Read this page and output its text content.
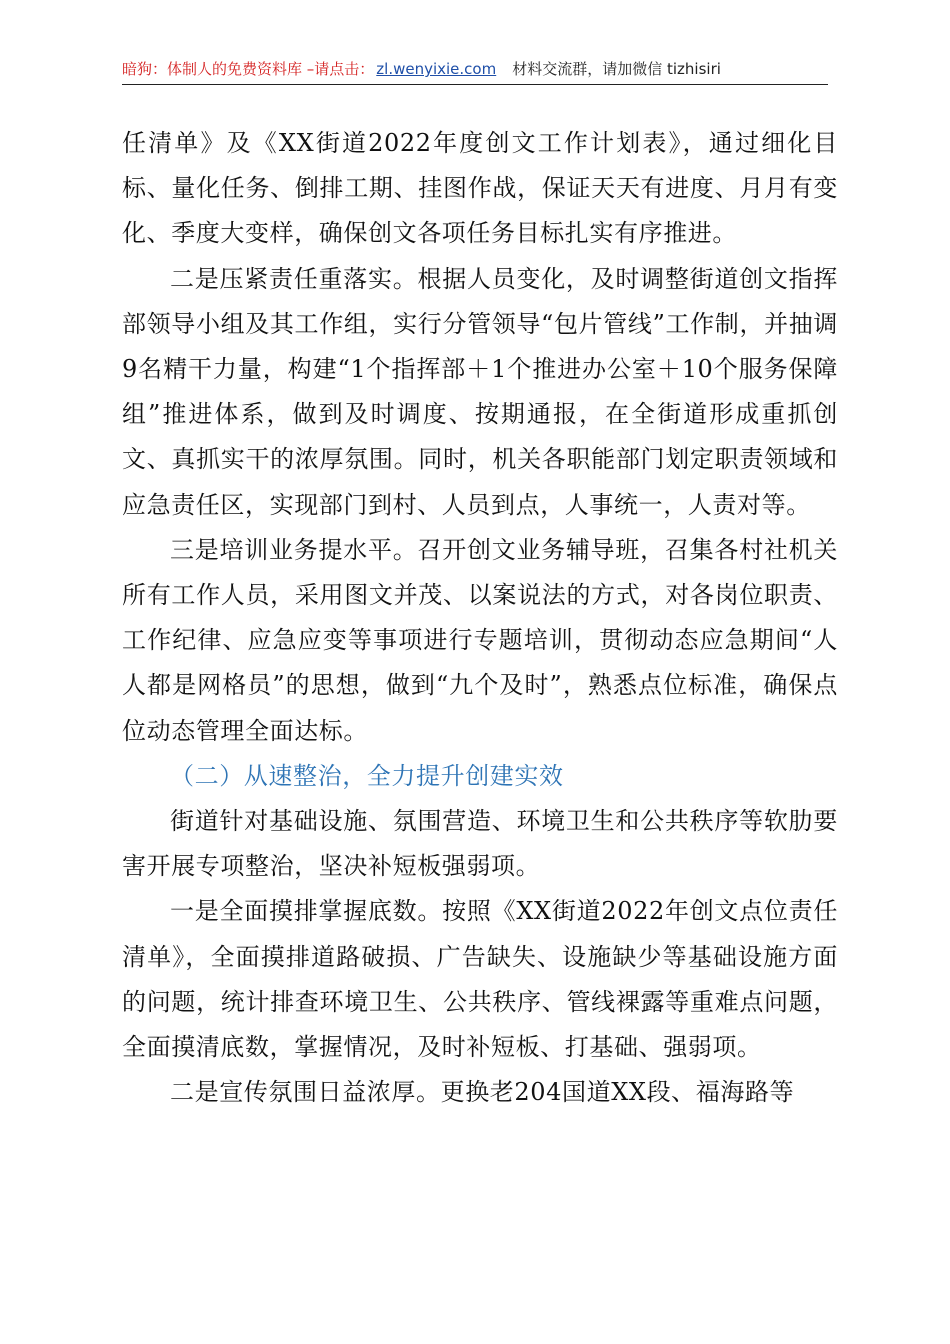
暗狗：体制人的免费资料库 –请点击： zl.wenyixie.com 材料交流群，请加微信 tizhisiri

任清单》及《XX街道2022年度创文工作计划表》，通过细化目标、量化任务、倒排工期、挂图作战，保证天天有进度、月月有变化、季度大变样，确保创文各项任务目标扎实有序推进。

二是压紧责任重落实。根据人员变化，及时调整街道创文指挥部领导小组及其工作组，实行分管领导“包片管线”工作制，并抽调9名精干力量，构建“1个指挥部＋1个推进办公室＋10个服务保障组”推进体系，做到及时调度、按期通报，在全街道形成重抓创文、真抓实干的浓厚氛围。同时，机关各职能部门划定职责领域和应急责任区，实现部门到村、人员到点，人事统一，人责对等。

三是培训业务提水平。召开创文业务辅导班，召集各村社机关所有工作人员，采用图文并茂、以案说法的方式，对各岗位职责、工作纪律、应急应变等事项进行专题培训，贯彻动态应急期间“人人都是网格员”的思想，做到“九个及时”，熟悉点位标准，确保点位动态管理全面达标。

（二）从速整治，全力提升创建实效

街道针对基础设施、氛围营造、环境卫生和公共秩序等软肋要害开展专项整治，坚决补短板强弱项。

一是全面摸排掌握底数。按照《XX街道2022年创文点位责任清单》，全面摸排道路破损、广告缺失、设施缺少等基础设施方面的问题，统计排查环境卫生、公共秩序、管线裸露等重难点问题，全面摸清底数，掌握情况，及时补短板、打基础、强弱项。

二是宣传氛围日益浓厚。更换老204国道XX段、福海路等
